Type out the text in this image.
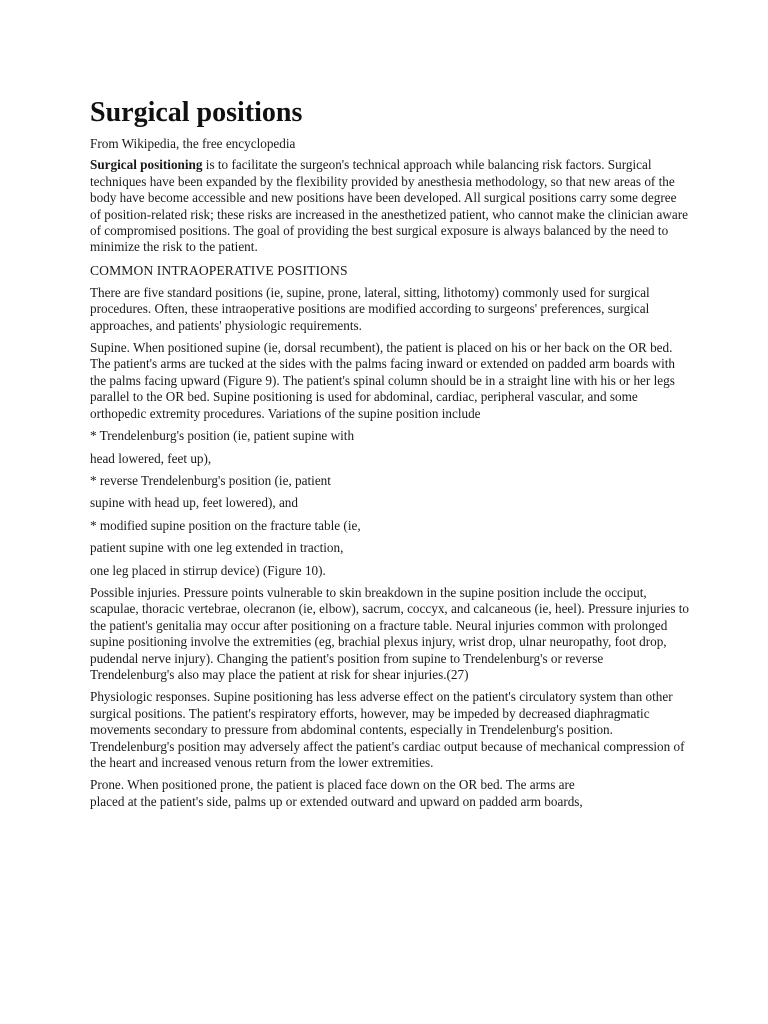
Surgical positions

From Wikipedia, the free encyclopedia

Surgical positioning is to facilitate the surgeon's technical approach while balancing risk factors. Surgical techniques have been expanded by the flexibility provided by anesthesia methodology, so that new areas of the body have become accessible and new positions have been developed. All surgical positions carry some degree of position-related risk; these risks are increased in the anesthetized patient, who cannot make the clinician aware of compromised positions. The goal of providing the best surgical exposure is always balanced by the need to minimize the risk to the patient.

COMMON INTRAOPERATIVE POSITIONS

There are five standard positions (ie, supine, prone, lateral, sitting, lithotomy) commonly used for surgical procedures. Often, these intraoperative positions are modified according to surgeons' preferences, surgical approaches, and patients' physiologic requirements.

Supine. When positioned supine (ie, dorsal recumbent), the patient is placed on his or her back on the OR bed. The patient's arms are tucked at the sides with the palms facing inward or extended on padded arm boards with the palms facing upward (Figure 9). The patient's spinal column should be in a straight line with his or her legs parallel to the OR bed. Supine positioning is used for abdominal, cardiac, peripheral vascular, and some orthopedic extremity procedures. Variations of the supine position include

* Trendelenburg's position (ie, patient supine with

head lowered, feet up),

* reverse Trendelenburg's position (ie, patient

supine with head up, feet lowered), and

* modified supine position on the fracture table (ie,

patient supine with one leg extended in traction,

one leg placed in stirrup device) (Figure 10).

Possible injuries. Pressure points vulnerable to skin breakdown in the supine position include the occiput, scapulae, thoracic vertebrae, olecranon (ie, elbow), sacrum, coccyx, and calcaneous (ie, heel). Pressure injuries to the patient's genitalia may occur after positioning on a fracture table. Neural injuries common with prolonged supine positioning involve the extremities (eg, brachial plexus injury, wrist drop, ulnar neuropathy, foot drop, pudendal nerve injury). Changing the patient's position from supine to Trendelenburg's or reverse Trendelenburg's also may place the patient at risk for shear injuries.(27)

Physiologic responses. Supine positioning has less adverse effect on the patient's circulatory system than other surgical positions. The patient's respiratory efforts, however, may be impeded by decreased diaphragmatic movements secondary to pressure from abdominal contents, especially in Trendelenburg's position. Trendelenburg's position may adversely affect the patient's cardiac output because of mechanical compression of the heart and increased venous return from the lower extremities.

Prone. When positioned prone, the patient is placed face down on the OR bed. The arms are
placed at the patient's side, palms up or extended outward and upward on padded arm boards,
